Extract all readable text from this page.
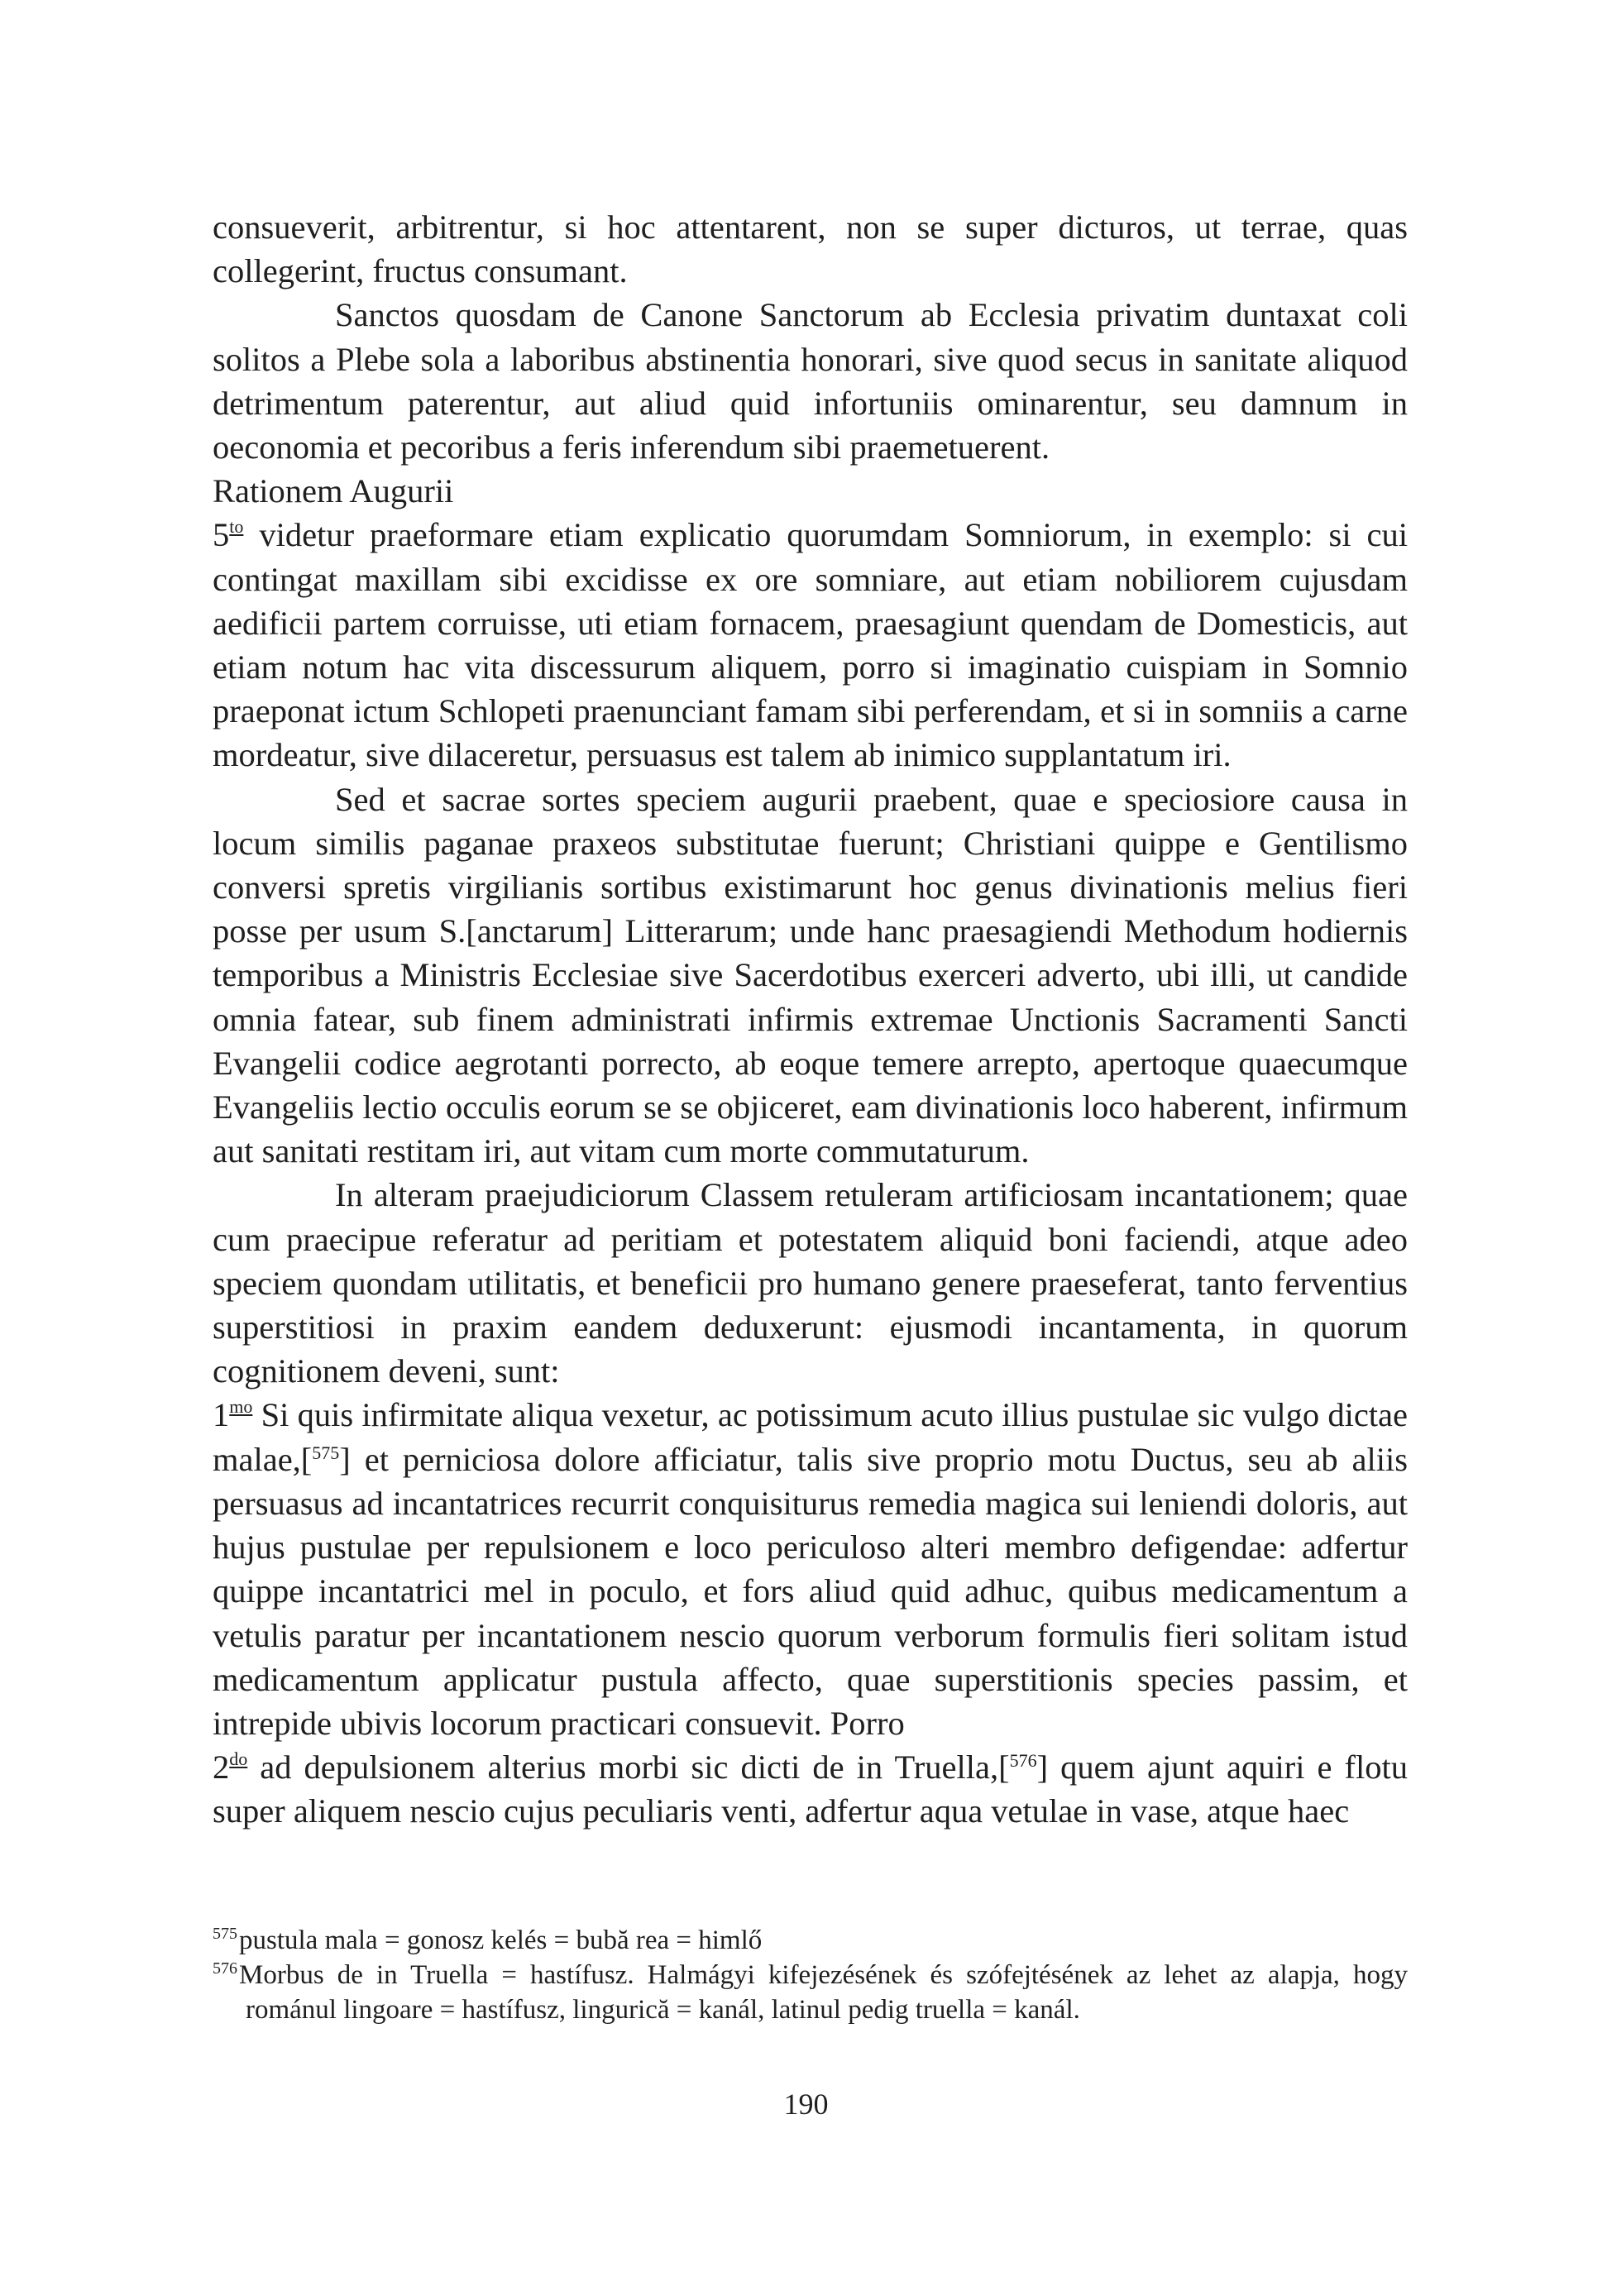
consueverit, arbitrentur, si hoc attentarent, non se super dicturos, ut terrae, quas collegerint, fructus consumant.

Sanctos quosdam de Canone Sanctorum ab Ecclesia privatim duntaxat coli solitos a Plebe sola a laboribus abstinentia honorari, sive quod secus in sanitate aliquod detrimentum paterentur, aut aliud quid infortuniis ominarentur, seu damnum in oeconomia et pecoribus a feris inferendum sibi praemetuerent.

Rationem Augurii

$5^{to}$ videtur praeformare etiam explicatio quorumdam Somniorum, in exemplo: si cui contingat maxillam sibi excidisse ex ore somniare, aut etiam nobiliorem cujusdam aedificii partem corruisse, uti etiam fornacem, praesagiunt quendam de Domesticis, aut etiam notum hac vita discessurum aliquem, porro si imaginatio cuispiam in Somnio praeponat ictum Schlopeti praenunciant famam sibi perferendam, et si in somniis a carne mordeatur, sive dilaceretur, persuasus est talem ab inimico supplantatum iri.

Sed et sacrae sortes speciem augurii praebent, quae e speciosiore causa in locum similis paganae praxeos substitutae fuerunt; Christiani quippe e Gentilismo conversi spretis virgilianis sortibus existimarunt hoc genus divinationis melius fieri posse per usum S.[anctarum] Litterarum; unde hanc praesagiendi Methodum hodiernis temporibus a Ministris Ecclesiae sive Sacerdotibus exerceri adverto, ubi illi, ut candide omnia fatear, sub finem administrati infirmis extremae Unctionis Sacramenti Sancti Evangelii codice aegrotanti porrecto, ab eoque temere arrepto, apertoque quaecumque Evangeliis lectio occulis eorum se se objiceret, eam divinationis loco haberent, infirmum aut sanitati restitam iri, aut vitam cum morte commutaturum.

In alteram praejudiciorum Classem retuleram artificiosam incantationem; quae cum praecipue referatur ad peritiam et potestatem aliquid boni faciendi, atque adeo speciem quondam utilitatis, et beneficii pro humano genere praeseferat, tanto ferventius superstitiosi in praxim eandem deduxerunt: ejusmodi incantamenta, in quorum cognitionem deveni, sunt:

$1^{mo}$ Si quis infirmitate aliqua vexetur, ac potissimum acuto illius pustulae sic vulgo dictae malae,[$^{575}$] et perniciosa dolore afficiatur, talis sive proprio motu Ductus, seu ab aliis persuasus ad incantatrices recurrit conquisiturus remedia magica sui leniendi doloris, aut hujus pustulae per repulsionem e loco periculoso alteri membro defigendae: adfertur quippe incantatrici mel in poculo, et fors aliud quid adhuc, quibus medicamentum a vetulis paratur per incantationem nescio quorum verborum formulis fieri solitam istud medicamentum applicatur pustula affecto, quae superstitionis species passim, et intrepide ubivis locorum practicari consuevit. Porro

$2^{do}$ ad depulsionem alterius morbi sic dicti de in Truella,[$^{576}$] quem ajunt aquiri e flotu super aliquem nescio cujus peculiaris venti, adfertur aqua vetulae in vase, atque haec

$^{575}$pustula mala = gonosz kelés = bubă rea = himlő

$^{576}$Morbus de in Truella = hastífusz. Halmágyi kifejezésének és szófejtésének az lehet az alapja, hogy románul lingoare = hastífusz, lingurică = kanál, latinul pedig truella = kanál.

190
